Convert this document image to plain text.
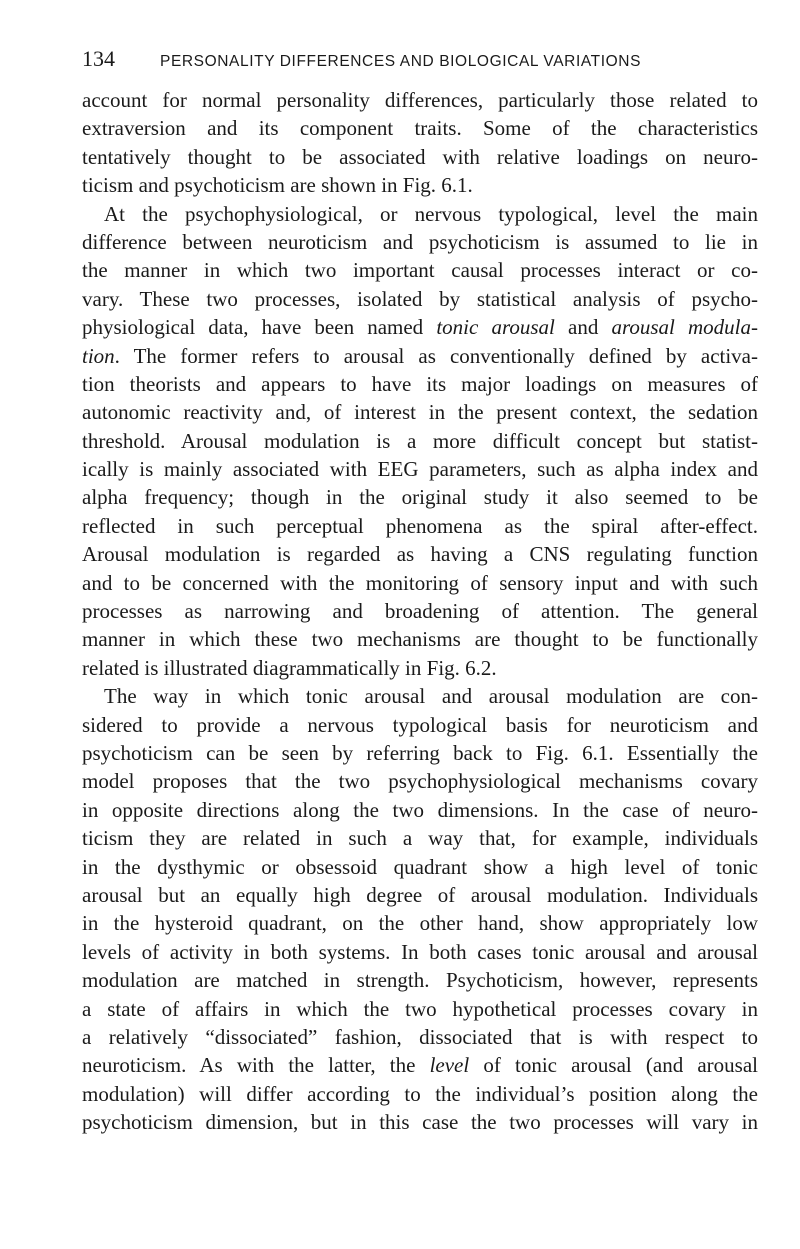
134	PERSONALITY DIFFERENCES AND BIOLOGICAL VARIATIONS
account for normal personality differences, particularly those related to
extraversion and its component traits. Some of the characteristics
tentatively thought to be associated with relative loadings on neuro-
ticism and psychoticism are shown in Fig. 6.1.
At the psychophysiological, or nervous typological, level the main
difference between neuroticism and psychoticism is assumed to lie in
the manner in which two important causal processes interact or co-
vary. These two processes, isolated by statistical analysis of psycho-
physiological data, have been named tonic arousal and arousal modula-
tion. The former refers to arousal as conventionally defined by activa-
tion theorists and appears to have its major loadings on measures of
autonomic reactivity and, of interest in the present context, the sedation
threshold. Arousal modulation is a more difficult concept but statist-
ically is mainly associated with EEG parameters, such as alpha index and
alpha frequency; though in the original study it also seemed to be
reflected in such perceptual phenomena as the spiral after-effect.
Arousal modulation is regarded as having a CNS regulating function
and to be concerned with the monitoring of sensory input and with such
processes as narrowing and broadening of attention. The general
manner in which these two mechanisms are thought to be functionally
related is illustrated diagrammatically in Fig. 6.2.
The way in which tonic arousal and arousal modulation are con-
sidered to provide a nervous typological basis for neuroticism and
psychoticism can be seen by referring back to Fig. 6.1. Essentially the
model proposes that the two psychophysiological mechanisms covary
in opposite directions along the two dimensions. In the case of neuro-
ticism they are related in such a way that, for example, individuals
in the dysthymic or obsessoid quadrant show a high level of tonic
arousal but an equally high degree of arousal modulation. Individuals
in the hysteroid quadrant, on the other hand, show appropriately low
levels of activity in both systems. In both cases tonic arousal and arousal
modulation are matched in strength. Psychoticism, however, represents
a state of affairs in which the two hypothetical processes covary in
a relatively “dissociated” fashion, dissociated that is with respect to
neuroticism. As with the latter, the level of tonic arousal (and arousal
modulation) will differ according to the individual’s position along the
psychoticism dimension, but in this case the two processes will vary in
